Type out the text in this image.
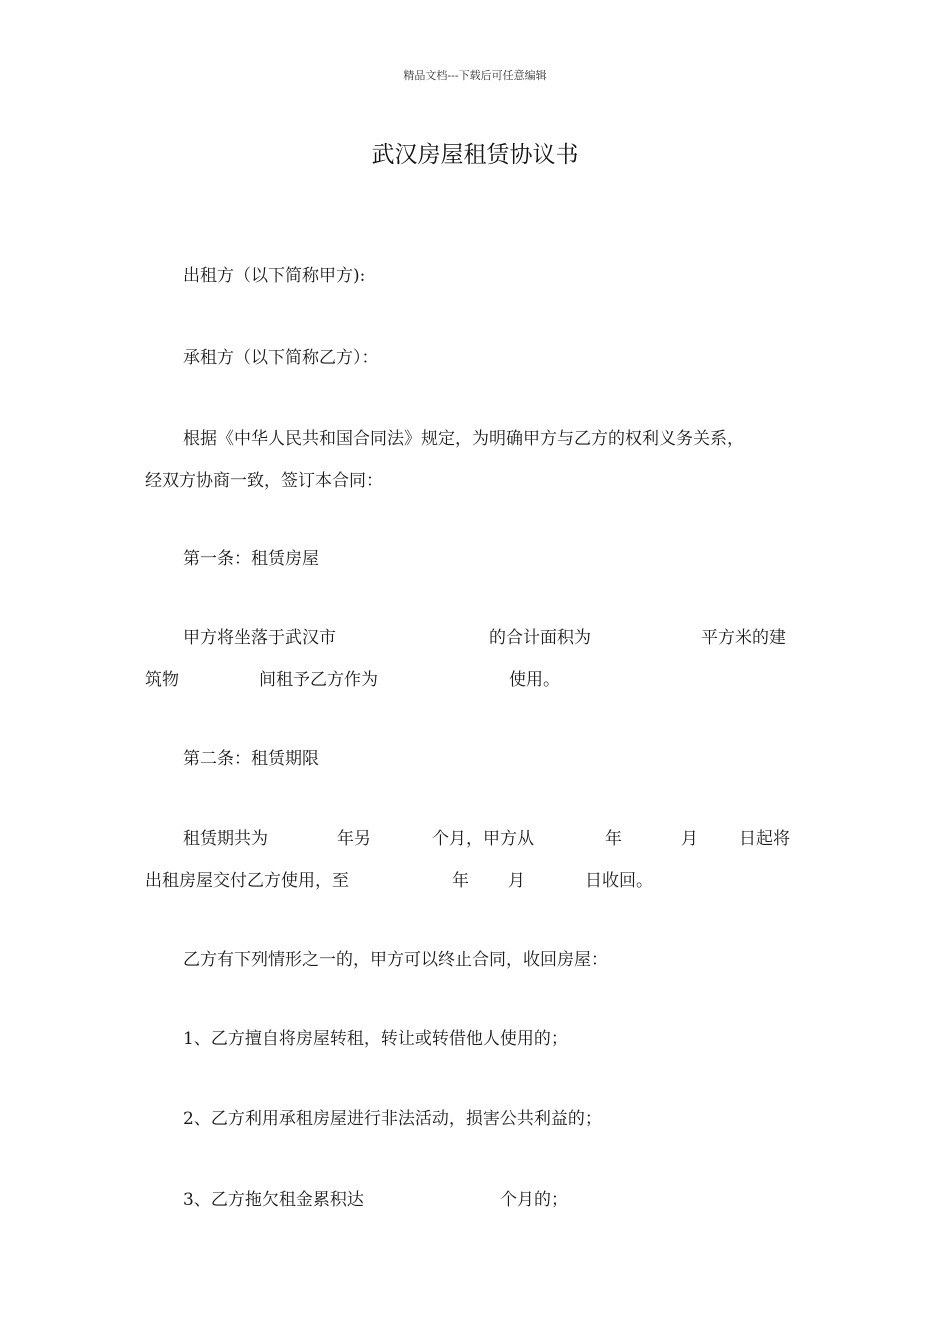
精品文档---下载后可任意编辑
武汉房屋租赁协议书
出租方（以下简称甲方):
承租方（以下简称乙方）：
根据《中华人民共和国合同法》规定，为明确甲方与乙方的权利义务关系，
经双方协商一致，签订本合同：
第一条：租赁房屋
甲方将坐落于武汉市	的合计面积为	平方米的建
筑物	间租予乙方作为	使用。
第二条：租赁期限
租赁期共为	年另	个月，甲方从	年	月 日起将
出租房屋交付乙方使用，至	年 月	日收回。
乙方有下列情形之一的，甲方可以终止合同，收回房屋：
1、乙方擅自将房屋转租，转让或转借他人使用的；
2、乙方利用承租房屋进行非法活动，损害公共利益的；
3、乙方拖欠租金累积达	个月的；
